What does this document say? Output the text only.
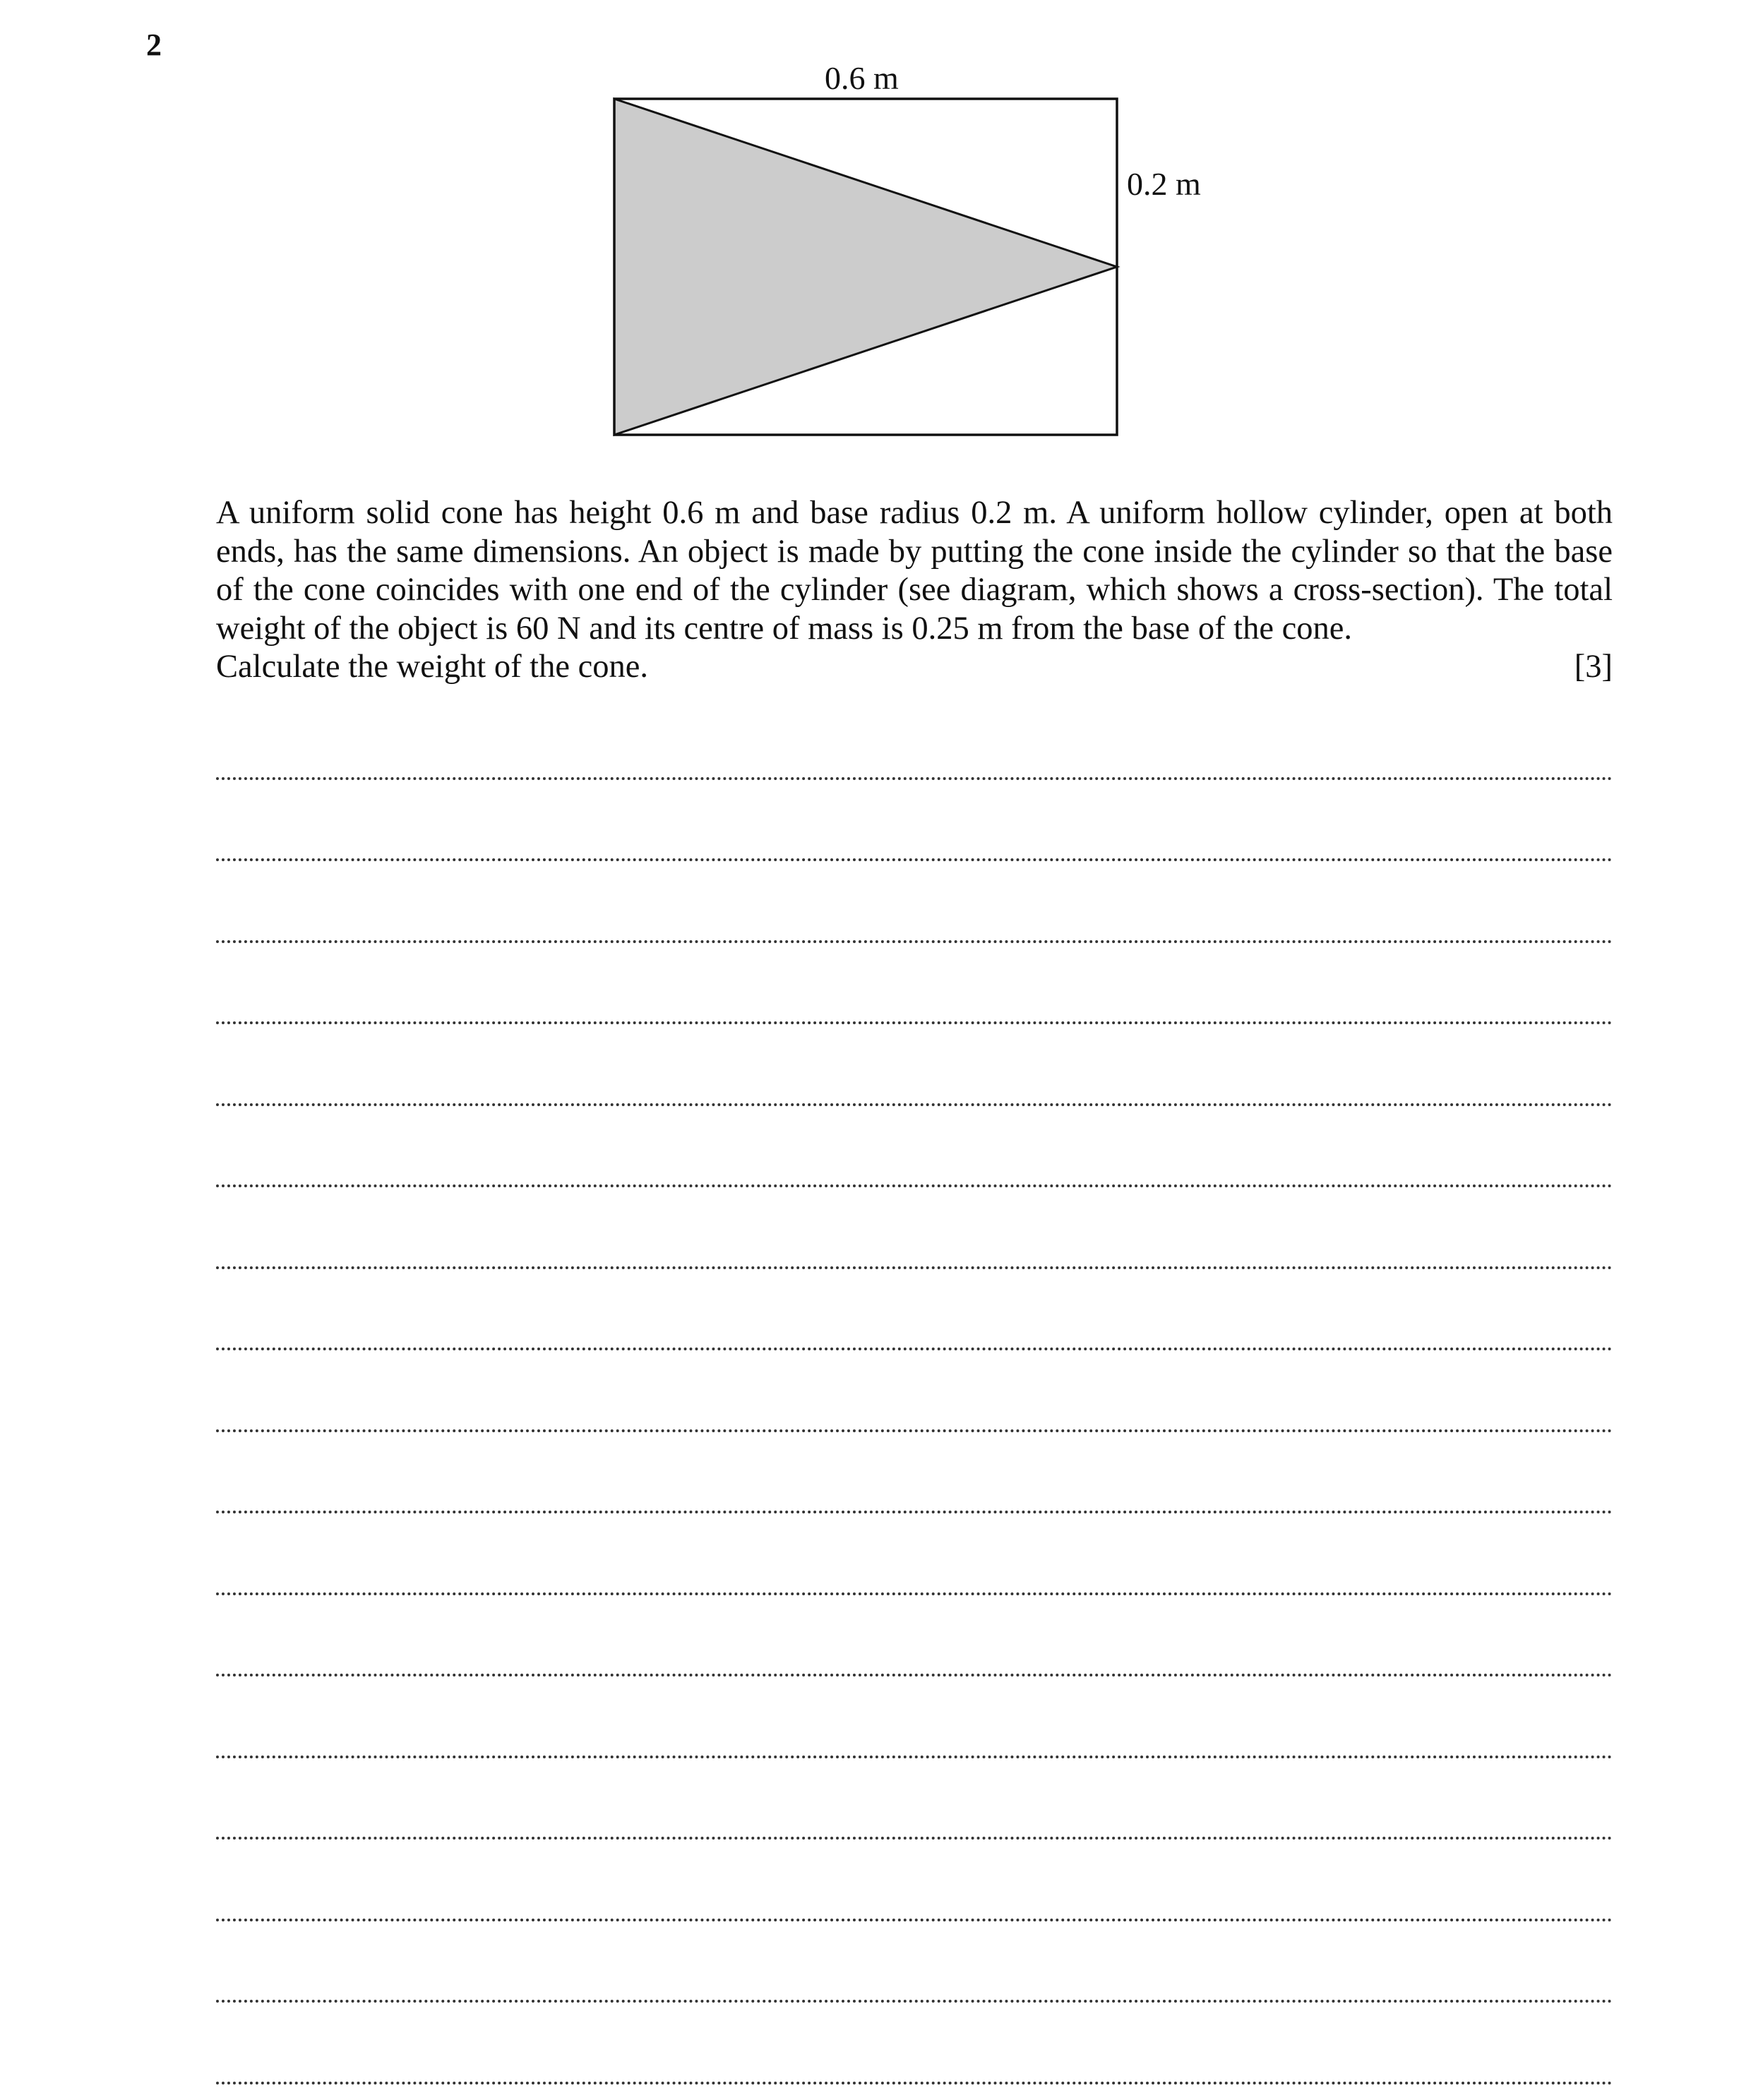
2
0.6 m
0.2 m

A uniform solid cone has height 0.6 m and base radius 0.2 m. A uniform hollow cylinder, open at both ends, has the same dimensions. An object is made by putting the cone inside the cylinder so that the base of the cone coincides with one end of the cylinder (see diagram, which shows a cross-section). The total weight of the object is 60 N and its centre of mass is 0.25 m from the base of the cone.

Calculate the weight of the cone.	[3]
